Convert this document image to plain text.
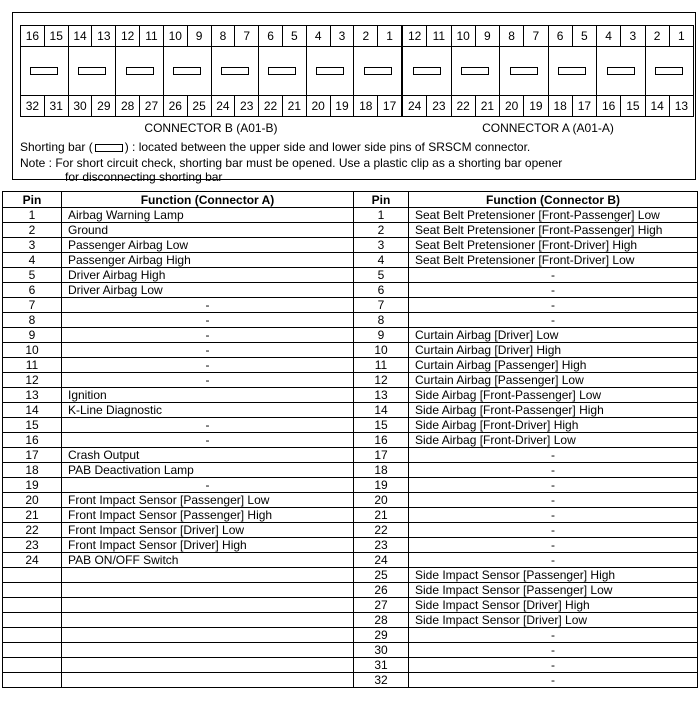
16 15 14 13 12 11 10	9	8	7	6	5	4	3	2	1
32 31 30 29 28 27 26 25 24 23 22 21 20 19 18 17
12 11 10	9	8	7	6	5	4	3	2	1
24 23 22 21 20 19 18 17 16 15 14 13
CONNECTOR B (A01-B)	CONNECTOR A (A01-A)
Shorting bar (	) : located between the upper side and lower side pins of SRSCM connector.
Note : For short circuit check, shorting bar must be opened. Use a plastic clip as a shorting bar opener
for disconnecting shorting bar
Pin	Function (Connector A)	Pin	Function (Connector B)
1	Airbag Warning Lamp	1	Seat Belt Pretensioner [Front-Passenger] Low
2	Ground	2	Seat Belt Pretensioner [Front-Passenger] High
3	Passenger Airbag Low	3	Seat Belt Pretensioner [Front-Driver] High
4	Passenger Airbag High	4	Seat Belt Pretensioner [Front-Driver] Low
5	Driver Airbag High	5	-
6	Driver Airbag Low	6	-
7	-	7	-
8	-	8	-
9	-	9	Curtain Airbag [Driver] Low
10	-	10	Curtain Airbag [Driver] High
11	-	11	Curtain Airbag [Passenger] High
12	-	12	Curtain Airbag [Passenger] Low
13	Ignition	13	Side Airbag [Front-Passenger] Low
14	K-Line Diagnostic	14	Side Airbag [Front-Passenger] High
15	-	15	Side Airbag [Front-Driver] High
16	-	16	Side Airbag [Front-Driver] Low
17	Crash Output	17	-
18	PAB Deactivation Lamp	18	-
19	-	19	-
20	Front Impact Sensor [Passenger] Low	20	-
21	Front Impact Sensor [Passenger] High	21	-
22	Front Impact Sensor [Driver] Low	22	-
23	Front Impact Sensor [Driver] High	23	-
24	PAB ON/OFF Switch	24	-
		25	Side Impact Sensor [Passenger] High
		26	Side Impact Sensor [Passenger] Low
		27	Side Impact Sensor [Driver] High
		28	Side Impact Sensor [Driver] Low
		29	-
		30	-
		31	-
		32	-
